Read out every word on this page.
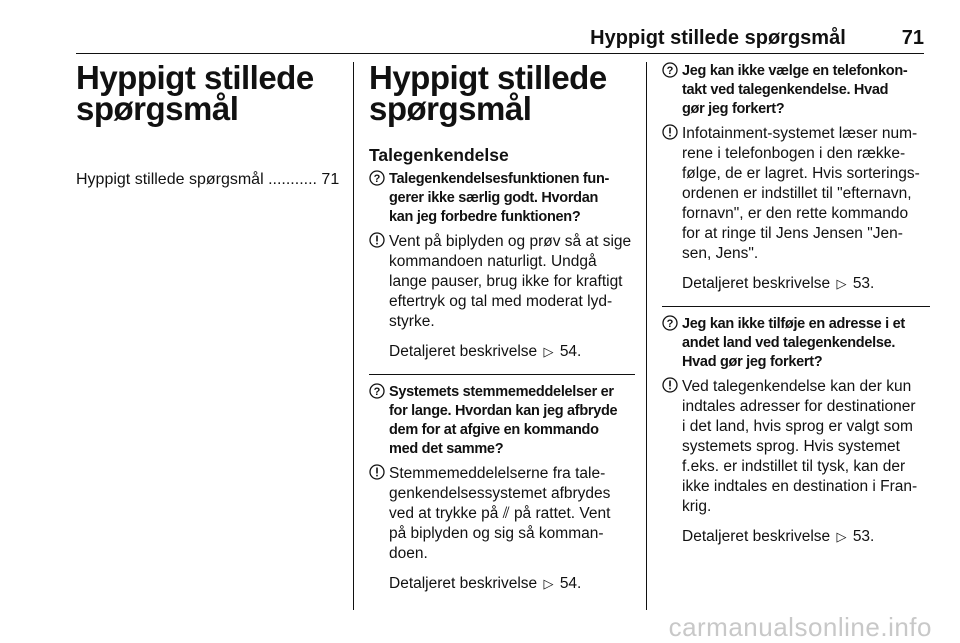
Hyppigt stillede spørgsmål	71
Hyppigt stillede
spørgsmål
Hyppigt stillede spørgsmål ........... 71
Hyppigt stillede
spørgsmål
Talegenkendelse
? Talegenkendelsesfunktionen fun-
gerer ikke særlig godt. Hvordan
kan jeg forbedre funktionen?
Vent på biplyden og prøv så at sige
kommandoen naturligt. Undgå
lange pauser, brug ikke for kraftigt
eftertryk og tal med moderat lyd-
styrke.
Detaljeret beskrivelse ▷ 54.
? Systemets stemmemeddelelser er
for lange. Hvordan kan jeg afbryde
dem for at afgive en kommando
med det samme?
Stemmemeddelelserne fra tale-
genkendelsessystemet afbrydes
ved at trykke på ⫽ på rattet. Vent
på biplyden og sig så komman-
doen.
Detaljeret beskrivelse ▷ 54.
? Jeg kan ikke vælge en telefonkon-
takt ved talegenkendelse. Hvad
gør jeg forkert?
Infotainment-systemet læser num-
rene i telefonbogen i den række-
følge, de er lagret. Hvis sorterings-
ordenen er indstillet til "efternavn,
fornavn", er den rette kommando
for at ringe til Jens Jensen "Jen-
sen, Jens".
Detaljeret beskrivelse ▷ 53.
? Jeg kan ikke tilføje en adresse i et
andet land ved talegenkendelse.
Hvad gør jeg forkert?
Ved talegenkendelse kan der kun
indtales adresser for destinationer
i det land, hvis sprog er valgt som
systemets sprog. Hvis systemet
f.eks. er indstillet til tysk, kan der
ikke indtales en destination i Fran-
krig.
Detaljeret beskrivelse ▷ 53.
carmanualsonline.info
